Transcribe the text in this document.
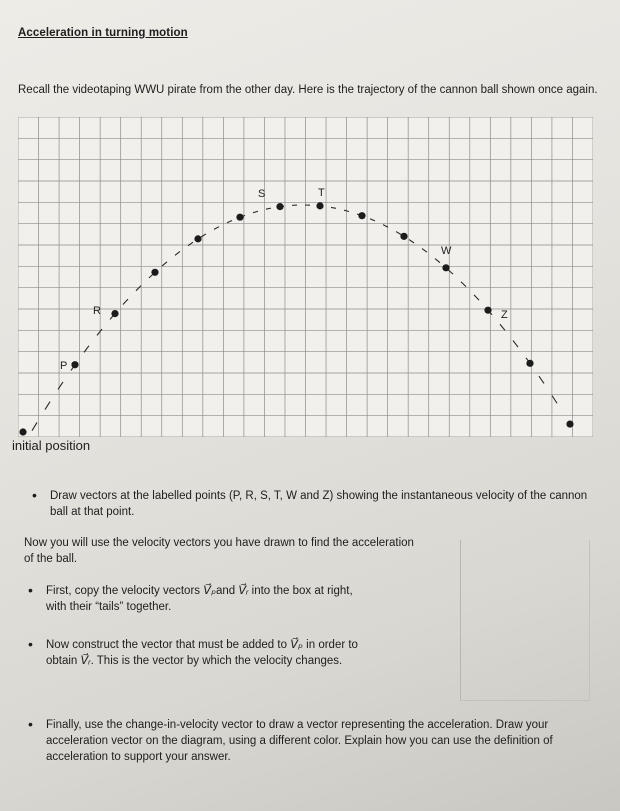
Acceleration in turning motion
Recall the videotaping WWU pirate from the other day. Here is the trajectory of the cannon ball shown once again.
R
P
S	T
W
Z
initial position
• Draw vectors at the labelled points (P, R, S, T, W and Z) showing the instantaneous velocity of the cannon ball at that point.
Now you will use the velocity vectors you have drawn to find the acceleration of the ball.
• First, copy the velocity vectors V⃗ₚand V⃗ᵣ into the box at right,
with their “tails” together.
• Now construct the vector that must be added to V⃗ₚ in order to
obtain V⃗ᵣ. This is the vector by which the velocity changes.
• Finally, use the change-in-velocity vector to draw a vector representing the acceleration. Draw your acceleration vector on the diagram, using a different color. Explain how you can use the definition of acceleration to support your answer.
